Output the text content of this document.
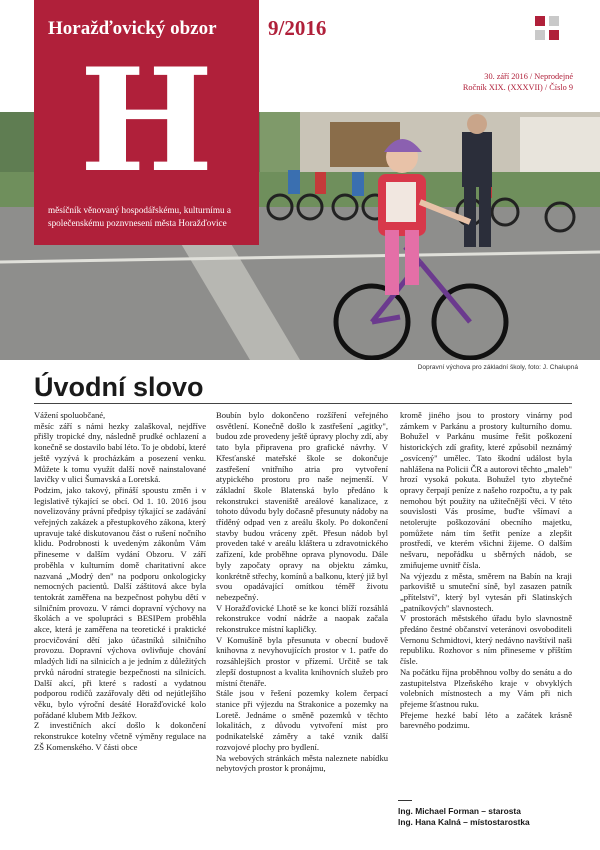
Horažďovický obzor
H
měsíčník věnovaný hospodářskému, kulturnímu a společenskému poznvnesení města Horažďovice
9/2016
30. září 2016 / Neprodejné
Ročník XIX. (XXXVII) / Číslo 9
Dopravní výchova pro základní školy, foto: J. Chalupná
Úvodní slovo

Vážení spoluobčané,

měsíc září s námi hezky zalaškoval, nejdříve přišly tropické dny, následně prudké ochlazení a konečně se dostavilo babí léto. To je období, které ještě vyzývá k procházkám a posezení venku. Můžete k tomu využít další nově nainstalované lavičky v ulici Šumavská a Loretská.

Podzim, jako takový, přináší spoustu změn i v legislativě týkající se obcí. Od 1. 10. 2016 jsou novelizovány právní předpisy týkající se zadávání veřejných zakázek a přestupkového zákona, který upravuje také diskutovanou část o rušení nočního klidu. Podrobnosti k uvedeným zákonům Vám přineseme v dalším vydání Obzoru. V září proběhla v kulturním domě charitativní akce nazvaná „Modrý den" na podporu onkologicky nemocných pacientů. Další záštitová akce byla tentokrát zaměřena na bezpečnost pohybu dětí v silničním provozu. V rámci dopravní výchovy na školách a ve spolupráci s BESIPem proběhla akce, která je zaměřena na teoretické i praktické procvičování dětí jako účastníků silničního provozu. Dopravní výchova ovlivňuje chování mladých lidí na silnicích a je jedním z důležitých prvků národní strategie bezpečnosti na silnicích. Další akcí, při které s radostí a vydatnou podporou rodičů zazářovaly děti od nejútlejšího věku, bylo výroční desáté Horažďovické kolo pořádané klubem Mtb Ježkov.

Z investičních akcí došlo k dokončení rekonstrukce kotelny včetně výměny regulace na ZŠ Komenského. V části obce

Boubín bylo dokončeno rozšíření veřejného osvětlení. Konečně došlo k zastřešení „agitky", budou zde provedeny ještě úpravy plochy zdí, aby tato byla připravena pro grafické návrhy. V Křesťanské mateřské škole se dokončuje zastřešení vnitřního atria pro vytvoření atypického prostoru pro naše nejmenší. V základní škole Blatenská bylo předáno k rekonstrukci staveniště areálové kanalizace, z tohoto důvodu byly dočasně přesunuty nádoby na tříděný odpad ven z areálu školy. Po dokončení stavby budou vráceny zpět. Přesun nádob byl proveden také v areálu kláštera u zdravotnického zařízení, kde proběhne oprava plynovodu. Dále byly započaty opravy na objektu zámku, konkrétně střechy, komínů a balkonu, který již byl svou opadávající omítkou téměř životu nebezpečný.

V Horažďovické Lhotě se ke konci blíží rozsáhlá rekonstrukce vodní nádrže a naopak začala rekonstrukce místní kapličky.

V Komušíně byla přesunuta v obecní budově knihovna z nevyhovujících prostor v 1. patře do rozsáhlejších prostor v přízemí. Určitě se tak zlepší dostupnost a kvalita knihovních služeb pro místní čtenáře.

Stále jsou v řešení pozemky kolem čerpací stanice při výjezdu na Strakonice a pozemky na Loretě. Jednáme o směně pozemků v těchto lokalitách, z důvodu vytvoření míst pro podnikatelské záměry a také vznik další rozvojové plochy pro bydlení.

Na webových stránkách města naleznete nabídku nebytových prostor k pronájmu,

kromě jiného jsou to prostory vinárny pod zámkem v Parkánu a prostory kulturního domu. Bohužel v Parkánu musíme řešit poškození historických zdí grafity, které způsobil neznámý „osvícený" umělec. Tato škodní událost byla nahlášena na Policii ČR a autorovi těchto „maleb" hrozí vysoká pokuta. Bohužel tyto zbytečné opravy čerpají peníze z našeho rozpočtu, a ty pak nemohou být použity na užitečnější věci. V této souvislosti Vás prosíme, buďte všímaví a netolerujte poškozování obecního majetku, pomůžete nám tím šetřit peníze a zlepšit prostředí, ve kterém všichni žijeme. O dalším nešvaru, nepořádku u sběrných nádob, se zmiňujeme uvnitř čísla.

Na výjezdu z města, směrem na Babín na kraji parkoviště u smuteční síně, byl zasazen patník „přítelství", který byl vytesán při Slatinských „patníkových" slavnostech.

V prostorách městského úřadu bylo slavnostně předáno čestné občanství veteránovi osvoboditeli Vernonu Schmidtovi, který nedávno navštívil naši republiku. Rozhovor s ním přineseme v příštím čísle.

Na počátku října proběhnou volby do senátu a do zastupitelstva Plzeňského kraje v obvyklých volebních místnostech a my Vám při nich přejeme šťastnou ruku.

Přejeme hezké babí léto a začátek krásně barevného podzimu.

Ing. Michael Forman – starosta
Ing. Hana Kalná – místostarostka
